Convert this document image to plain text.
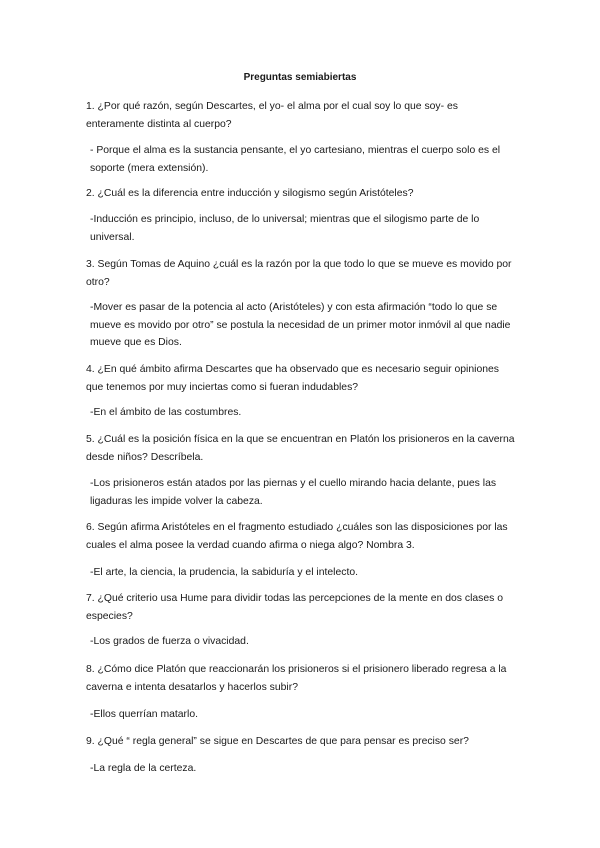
Preguntas semiabiertas
1. ¿Por qué razón, según Descartes, el yo- el alma por el cual soy lo que soy- es enteramente distinta al cuerpo?
- Porque el alma es la sustancia pensante, el yo cartesiano, mientras el cuerpo solo es el soporte (mera extensión).
2. ¿Cuál es la diferencia entre inducción y silogismo según Aristóteles?
-Inducción es principio, incluso, de lo universal; mientras que el silogismo parte de lo universal.
3. Según Tomas de Aquino ¿cuál es la razón por la que todo lo que se mueve es movido por otro?
-Mover es pasar de la potencia al acto (Aristóteles) y con esta afirmación “todo lo que se mueve es movido por otro” se postula la necesidad de un primer motor inmóvil al que nadie mueve que es Dios.
4. ¿En qué ámbito afirma Descartes que ha observado que es necesario seguir opiniones que tenemos por muy inciertas como si fueran indudables?
-En el ámbito de las costumbres.
5. ¿Cuál es la posición física en la que se encuentran en Platón los prisioneros en la caverna desde niños? Descríbela.
-Los prisioneros están atados por las piernas y el cuello mirando hacia delante, pues las ligaduras les impide volver la cabeza.
6. Según afirma Aristóteles en el fragmento estudiado ¿cuáles son las disposiciones por las cuales el alma posee la verdad cuando afirma o niega algo? Nombra 3.
-El arte, la ciencia, la prudencia, la sabiduría y el intelecto.
7. ¿Qué criterio usa Hume para dividir todas las percepciones de la mente en dos clases o especies?
-Los grados de fuerza o vivacidad.
8. ¿Cómo dice Platón que reaccionarán los prisioneros si el prisionero liberado regresa a la caverna e intenta desatarlos y hacerlos subir?
-Ellos querrían matarlo.
9. ¿Qué “ regla general” se sigue en Descartes de que para pensar es preciso ser?
-La regla de la certeza.
